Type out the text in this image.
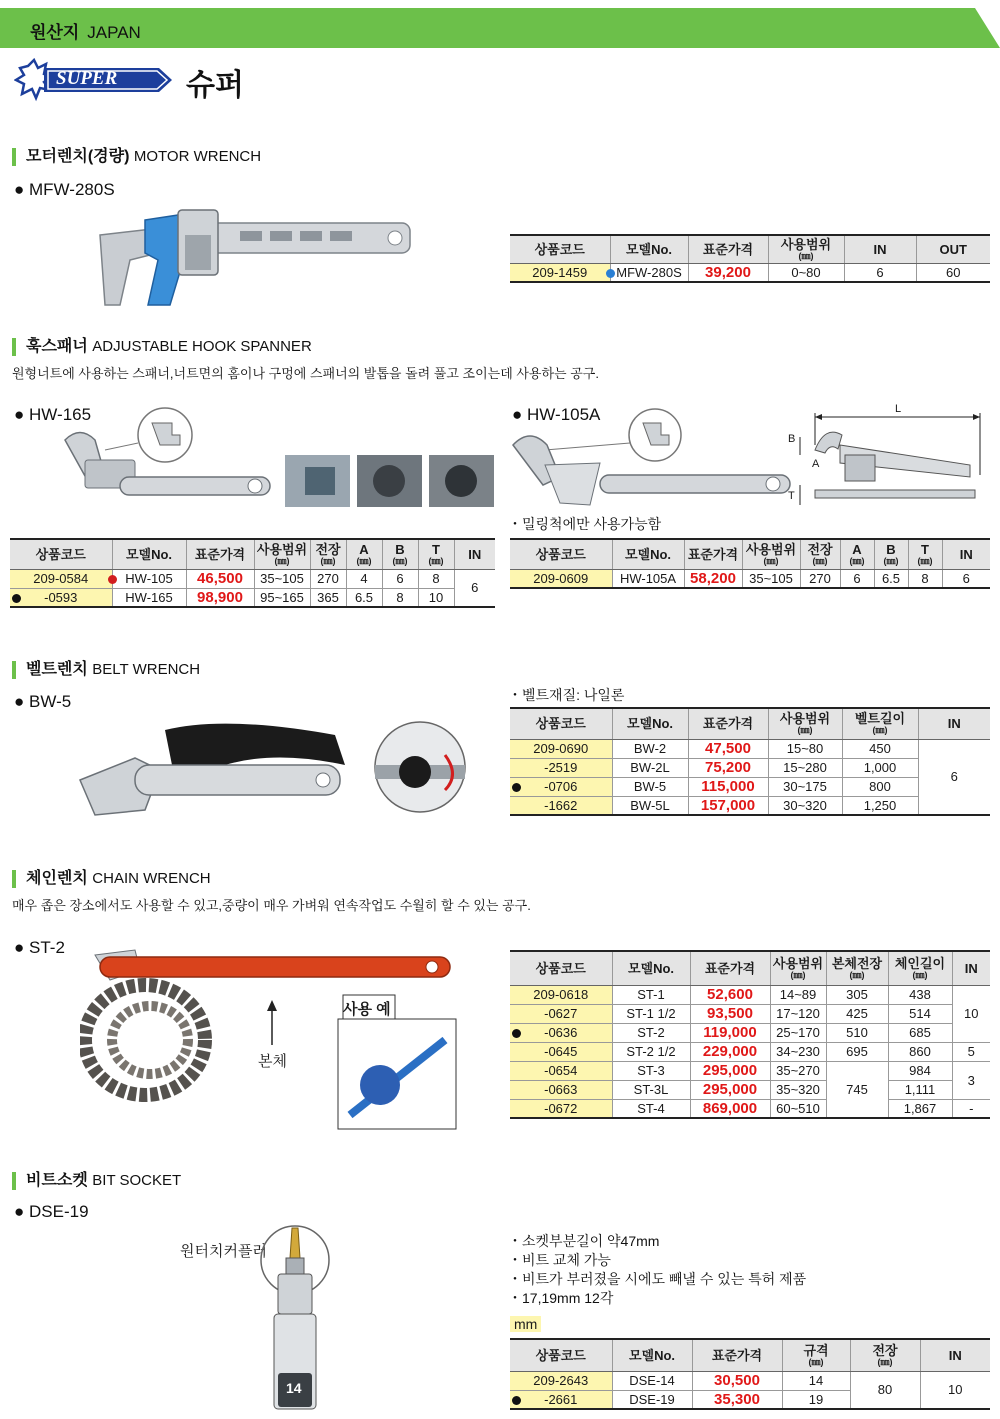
원산지 JAPAN
SUPER 슈퍼
모터렌치(경량) MOTOR WRENCH
● MFW-280S
상품코드	모델No.	표준가격	사용범위
(㎜)	IN	OUT
209-1459	MFW-280S	39,200	0~80	6	60
훅스패너 ADJUSTABLE HOOK SPANNER
원형너트에 사용하는 스패너,너트면의 홈이나 구멍에 스패너의 발톱을 돌려 풀고 조이는데 사용하는 공구.
● HW-165	● HW-105A	L
B
A
T
・밀링척에만 사용가능함
상품코드	모델No.	표준가격	사용범위
(㎜)	전장
(㎜)	A
(㎜)	B
(㎜)	T
(㎜)	IN
209-0584	HW-105	46,500	35~105	270	4	6	8	6

-0593	HW-165	98,900	95~165	365	6.5	8	10	
상품코드	모델No.	표준가격	사용범위
(㎜)	전장
(㎜)	A
(㎜)	B
(㎜)	T
(㎜)	IN
209-0609	HW-105A	58,200	35~105	270	6	6.5	8	6
벨트렌치 BELT WRENCH
● BW-5	・벨트재질: 나일론
상품코드	모델No.	표준가격	사용범위
(㎜)	벨트길이
(㎜)	IN
209-0690	BW-2	47,500	15~80	450	6
-2519	BW-2L	75,200	15~280	1,000	

-0706	BW-5	115,000	30~175	800	
-1662	BW-5L	157,000	30~320	1,250	
체인렌치 CHAIN WRENCH
매우 좁은 장소에서도 사용할 수 있고,중량이 매우 가벼워 연속작업도 수월히 할 수 있는 공구.
● ST-2
본체
사용 예
상품코드	모델No.	표준가격	사용범위
(㎜)	본체전장
(㎜)	체인길이
(㎜)	IN
209-0618	ST-1	52,600	14~89	305	438	10
-0627	ST-1 1/2	93,500	17~120	425	514	

-0636	ST-2	119,000	25~170	510	685	
-0645	ST-2 1/2	229,000	34~230	695	860	5
-0654	ST-3	295,000	35~270	745	984	3
-0663	ST-3L	295,000	35~320		1,111	
-0672	ST-4	869,000	60~510		1,867	-
비트소켓 BIT SOCKET
● DSE-19
원터치커플러
14
・소켓부분길이 약47mm
・비트 교체 가능
・비트가 부러졌을 시에도 빼낼 수 있는 특허 제품
・17,19mm 12각
mm
상품코드	모델No.	표준가격	규격
(㎜)	전장
(㎜)	IN
209-2643	DSE-14	30,500	14	80	10

-2661	DSE-19	35,300	19		
